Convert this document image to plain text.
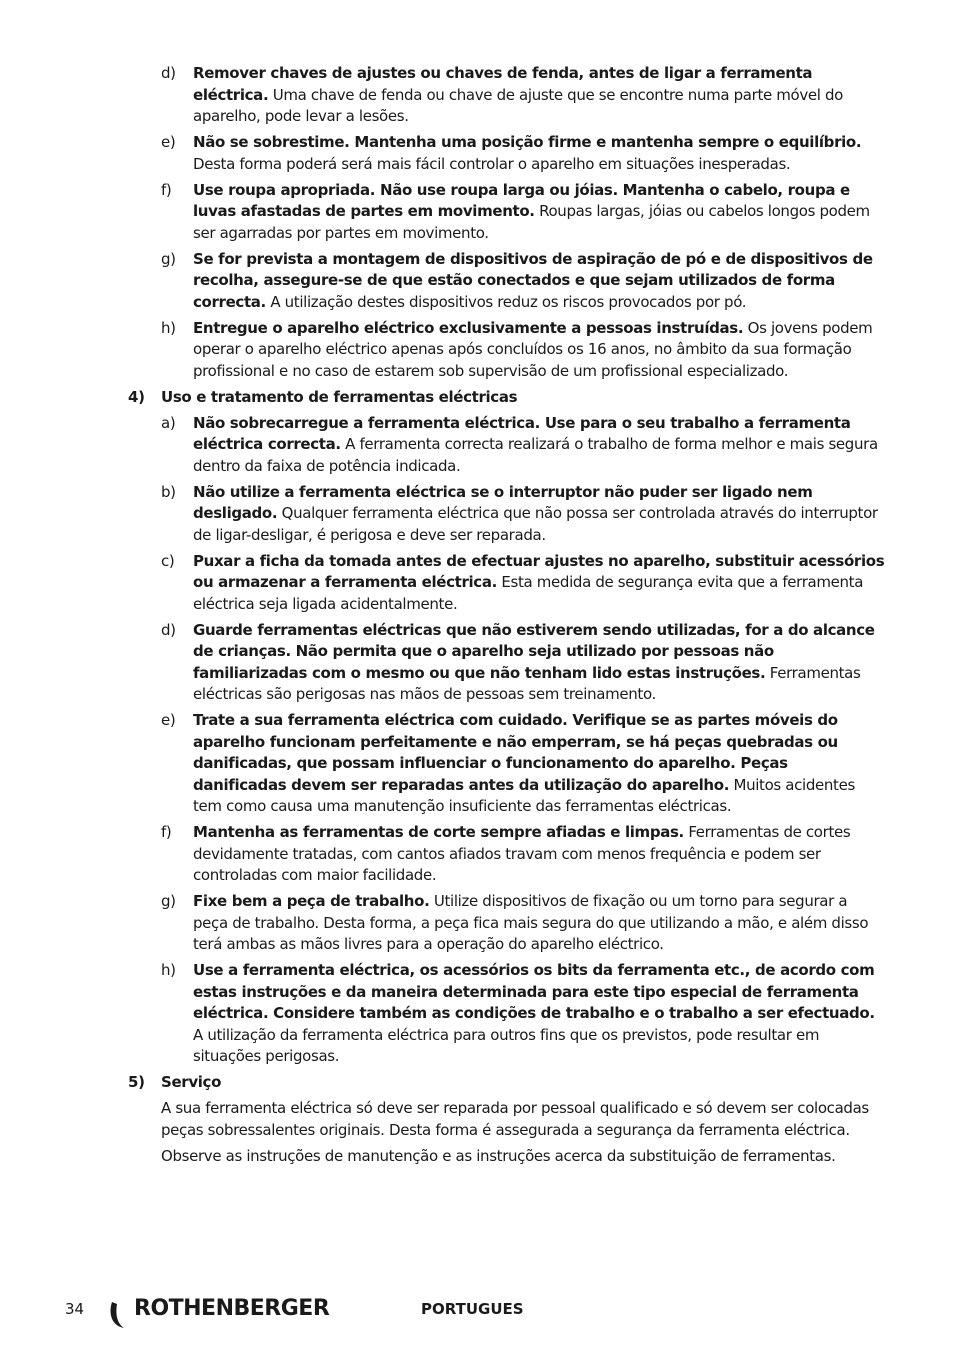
d) Remover chaves de ajustes ou chaves de fenda, antes de ligar a ferramenta eléctrica. Uma chave de fenda ou chave de ajuste que se encontre numa parte móvel do aparelho, pode levar a lesões.
e) Não se sobrestime. Mantenha uma posição firme e mantenha sempre o equilíbrio. Desta forma poderá será mais fácil controlar o aparelho em situações inesperadas.
f) Use roupa apropriada. Não use roupa larga ou jóias. Mantenha o cabelo, roupa e luvas afastadas de partes em movimento. Roupas largas, jóias ou cabelos longos podem ser agarradas por partes em movimento.
g) Se for prevista a montagem de dispositivos de aspiração de pó e de dispositivos de recolha, assegure-se de que estão conectados e que sejam utilizados de forma correcta. A utilização destes dispositivos reduz os riscos provocados por pó.
h) Entregue o aparelho eléctrico exclusivamente a pessoas instruídas. Os jovens podem operar o aparelho eléctrico apenas após concluídos os 16 anos, no âmbito da sua formação profissional e no caso de estarem sob supervisão de um profissional especializado.
4) Uso e tratamento de ferramentas eléctricas
a) Não sobrecarregue a ferramenta eléctrica. Use para o seu trabalho a ferramenta eléctrica correcta. A ferramenta correcta realizará o trabalho de forma melhor e mais segura dentro da faixa de potência indicada.
b) Não utilize a ferramenta eléctrica se o interruptor não puder ser ligado nem desligado. Qualquer ferramenta eléctrica que não possa ser controlada através do interruptor de ligar-desligar, é perigosa e deve ser reparada.
c) Puxar a ficha da tomada antes de efectuar ajustes no aparelho, substituir acessórios ou armazenar a ferramenta eléctrica. Esta medida de segurança evita que a ferramenta eléctrica seja ligada acidentalmente.
d) Guarde ferramentas eléctricas que não estiverem sendo utilizadas, for a do alcance de crianças. Não permita que o aparelho seja utilizado por pessoas não familiarizadas com o mesmo ou que não tenham lido estas instruções. Ferramentas eléctricas são perigosas nas mãos de pessoas sem treinamento.
e) Trate a sua ferramenta eléctrica com cuidado. Verifique se as partes móveis do aparelho funcionam perfeitamente e não emperram, se há peças quebradas ou danificadas, que possam influenciar o funcionamento do aparelho. Peças danificadas devem ser reparadas antes da utilização do aparelho. Muitos acidentes tem como causa uma manutenção insuficiente das ferramentas eléctricas.
f) Mantenha as ferramentas de corte sempre afiadas e limpas. Ferramentas de cortes devidamente tratadas, com cantos afiados travam com menos frequência e podem ser controladas com maior facilidade.
g) Fixe bem a peça de trabalho. Utilize dispositivos de fixação ou um torno para segurar a peça de trabalho. Desta forma, a peça fica mais segura do que utilizando a mão, e além disso terá ambas as mãos livres para a operação do aparelho eléctrico.
h) Use a ferramenta eléctrica, os acessórios os bits da ferramenta etc., de acordo com estas instruções e da maneira determinada para este tipo especial de ferramenta eléctrica. Considere também as condições de trabalho e o trabalho a ser efectuado. A utilização da ferramenta eléctrica para outros fins que os previstos, pode resultar em situações perigosas.
5) Serviço
A sua ferramenta eléctrica só deve ser reparada por pessoal qualificado e só devem ser colocadas peças sobressalentes originais. Desta forma é assegurada a segurança da ferramenta eléctrica.
Observe as instruções de manutenção e as instruções acerca da substituição de ferramentas.
34 ROTHENBERGER	PORTUGUES
